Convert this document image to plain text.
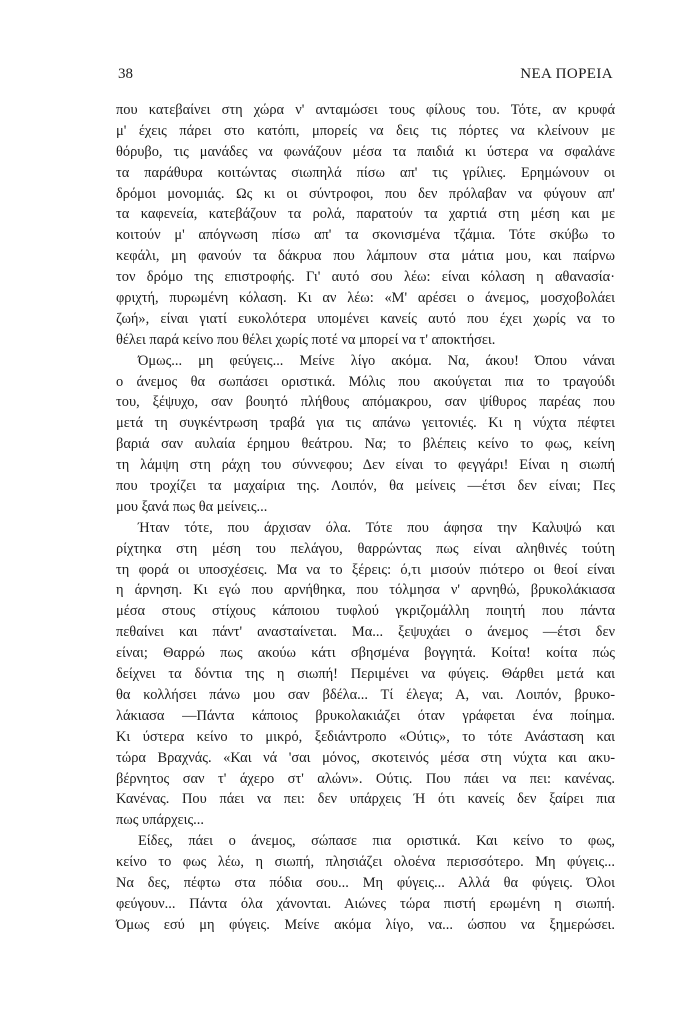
38	ΝΕΑ ΠΟΡΕΙΑ
που κατεβαίνει στη χώρα ν' ανταμώσει τους φίλους του. Τότε, αν κρυφά
μ' έχεις πάρει στο κατόπι, μπορείς να δεις τις πόρτες να κλείνουν με
θόρυβο, τις μανάδες να φωνάζουν μέσα τα παιδιά κι ύστερα να σφαλάνε
τα παράθυρα κοιτώντας σιωπηλά πίσω απ' τις γρίλιες. Ερημώνουν οι
δρόμοι μονομιάς. Ως κι οι σύντροφοι, που δεν πρόλαβαν να φύγουν απ'
τα καφενεία, κατεβάζουν τα ρολά, παρατούν τα χαρτιά στη μέση και με
κοιτούν μ' απόγνωση πίσω απ' τα σκονισμένα τζάμια. Τότε σκύβω το
κεφάλι, μη φανούν τα δάκρυα που λάμπουν στα μάτια μου, και παίρνω
τον δρόμο της επιστροφής. Γι' αυτό σου λέω: είναι κόλαση η αθανασία·
φριχτή, πυρωμένη κόλαση. Κι αν λέω: «Μ' αρέσει ο άνεμος, μοσχοβολάει
ζωή», είναι γιατί ευκολότερα υπομένει κανείς αυτό που έχει χωρίς να το
θέλει παρά κείνο που θέλει χωρίς ποτέ να μπορεί να τ' αποκτήσει.
Όμως... μη φεύγεις... Μείνε λίγο ακόμα. Να, άκου! Όπου νάναι
ο άνεμος θα σωπάσει οριστικά. Μόλις που ακούγεται πια το τραγούδι
του, ξέψυχο, σαν βουητό πλήθους απόμακρου, σαν ψίθυρος παρέας που
μετά τη συγκέντρωση τραβά για τις απάνω γειτονιές. Κι η νύχτα πέφτει
βαριά σαν αυλαία έρημου θεάτρου. Να; το βλέπεις κείνο το φως, κείνη
τη λάμψη στη ράχη του σύννεφου; Δεν είναι το φεγγάρι! Είναι η σιωπή
που τροχίζει τα μαχαίρια της. Λοιπόν, θα μείνεις —έτσι δεν είναι; Πες
μου ξανά πως θα μείνεις...
Ήταν τότε, που άρχισαν όλα. Τότε που άφησα την Καλυψώ και
ρίχτηκα στη μέση του πελάγου, θαρρώντας πως είναι αληθινές τούτη
τη φορά οι υποσχέσεις. Μα να το ξέρεις: ό,τι μισούν πιότερο οι θεοί είναι
η άρνηση. Κι εγώ που αρνήθηκα, που τόλμησα ν' αρνηθώ, βρυκολάκιασα
μέσα στους στίχους κάποιου τυφλού γκριζομάλλη ποιητή που πάντα
πεθαίνει και πάντ' ανασταίνεται. Μα... ξεψυχάει ο άνεμος —έτσι δεν
είναι; Θαρρώ πως ακούω κάτι σβησμένα βογγητά. Κοίτα! κοίτα πώς
δείχνει τα δόντια της η σιωπή! Περιμένει να φύγεις. Θάρθει μετά και
θα κολλήσει πάνω μου σαν βδέλα... Τί έλεγα; Α, ναι. Λοιπόν, βρυκο-
λάκιασα —Πάντα κάποιος βρυκολακιάζει όταν γράφεται ένα ποίημα.
Κι ύστερα κείνο το μικρό, ξεδιάντροπο «Ούτις», το τότε Ανάσταση και
τώρα Βραχνάς. «Και νά 'σαι μόνος, σκοτεινός μέσα στη νύχτα και ακυ-
βέρνητος σαν τ' άχερο στ' αλώνι». Ούτις. Που πάει να πει: κανένας.
Κανένας. Που πάει να πει: δεν υπάρχεις Ή ότι κανείς δεν ξαίρει πια
πως υπάρχεις...
Είδες, πάει ο άνεμος, σώπασε πια οριστικά. Και κείνο το φως,
κείνο το φως λέω, η σιωπή, πλησιάζει ολοένα περισσότερο. Μη φύγεις...
Να δες, πέφτω στα πόδια σου... Μη φύγεις... Αλλά θα φύγεις. Όλοι
φεύγουν... Πάντα όλα χάνονται. Αιώνες τώρα πιστή ερωμένη η σιωπή.
Όμως εσύ μη φύγεις. Μείνε ακόμα λίγο, να... ώσπου να ξημερώσει.
